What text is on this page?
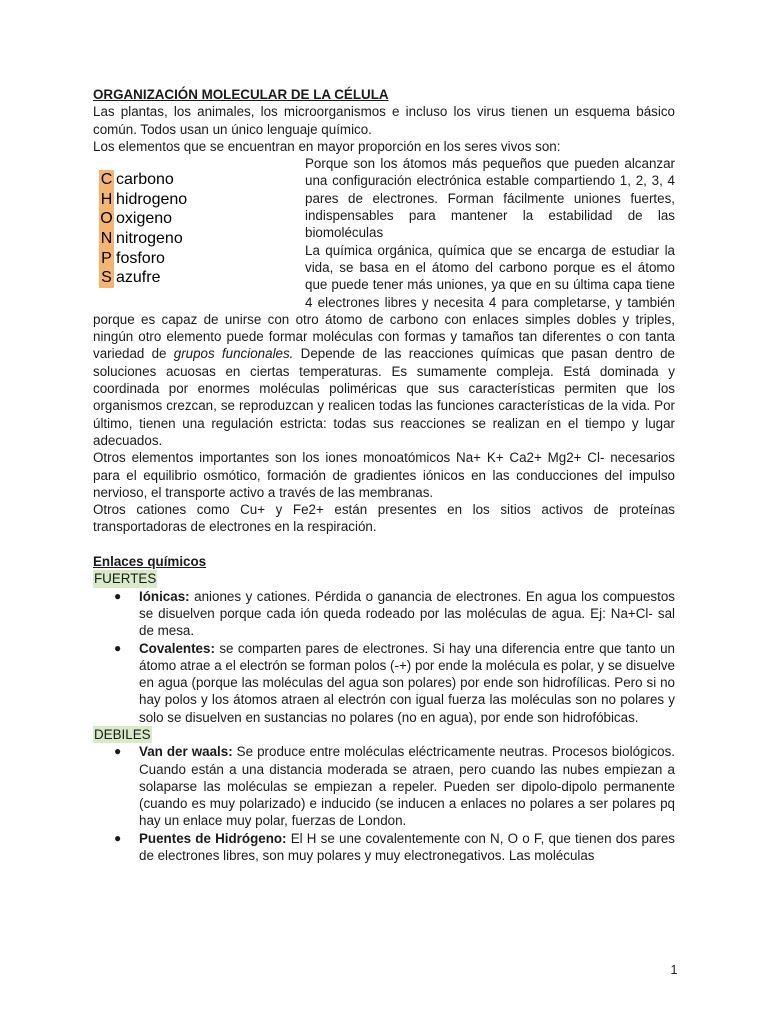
ORGANIZACIÓN MOLECULAR DE LA CÉLULA

Las plantas, los animales, los microorganismos e incluso los virus tienen un esquema básico común. Todos usan un único lenguaje químico.

Los elementos que se encuentran en mayor proporción en los seres vivos son:

C carbono
H hidrogeno
O oxigeno
N nitrogeno
P fosforo
S azufre

Porque son los átomos más pequeños que pueden alcanzar una configuración electrónica estable compartiendo 1, 2, 3, 4 pares de electrones. Forman fácilmente uniones fuertes, indispensables para mantener la estabilidad de las biomoléculas

La química orgánica, química que se encarga de estudiar la vida, se basa en el átomo del carbono porque es el átomo que puede tener más uniones, ya que en su última capa tiene 4 electrones libres y necesita 4 para completarse, y también porque es capaz de unirse con otro átomo de carbono con enlaces simples dobles y triples, ningún otro elemento puede formar moléculas con formas y tamaños tan diferentes o con tanta variedad de grupos funcionales. Depende de las reacciones químicas que pasan dentro de soluciones acuosas en ciertas temperaturas. Es sumamente compleja. Está dominada y coordinada por enormes moléculas poliméricas que sus características permiten que los organismos crezcan, se reproduzcan y realicen todas las funciones características de la vida. Por último, tienen una regulación estricta: todas sus reacciones se realizan en el tiempo y lugar adecuados.

Otros elementos importantes son los iones monoatómicos Na+ K+ Ca2+ Mg2+ Cl- necesarios para el equilibrio osmótico, formación de gradientes iónicos en las conducciones del impulso nervioso, el transporte activo a través de las membranas.

Otros cationes como Cu+ y Fe2+ están presentes en los sitios activos de proteínas transportadoras de electrones en la respiración.

Enlaces químicos

FUERTES

● Iónicas: aniones y cationes. Pérdida o ganancia de electrones. En agua los compuestos se disuelven porque cada ión queda rodeado por las moléculas de agua. Ej: Na+Cl- sal de mesa.
● Covalentes: se comparten pares de electrones. Si hay una diferencia entre que tanto un átomo atrae a el electrón se forman polos (-+) por ende la molécula es polar, y se disuelve en agua (porque las moléculas del agua son polares) por ende son hidrofílicas. Pero si no hay polos y los átomos atraen al electrón con igual fuerza las moléculas son no polares y solo se disuelven en sustancias no polares (no en agua), por ende son hidrofóbicas.

DEBILES

● Van der waals: Se produce entre moléculas eléctricamente neutras. Procesos biológicos. Cuando están a una distancia moderada se atraen, pero cuando las nubes empiezan a solaparse las moléculas se empiezan a repeler. Pueden ser dipolo-dipolo permanente (cuando es muy polarizado) e inducido (se inducen a enlaces no polares a ser polares pq hay un enlace muy polar, fuerzas de London.
● Puentes de Hidrógeno: El H se une covalentemente con N, O o F, que tienen dos pares de electrones libres, son muy polares y muy electronegativos. Las moléculas
1
